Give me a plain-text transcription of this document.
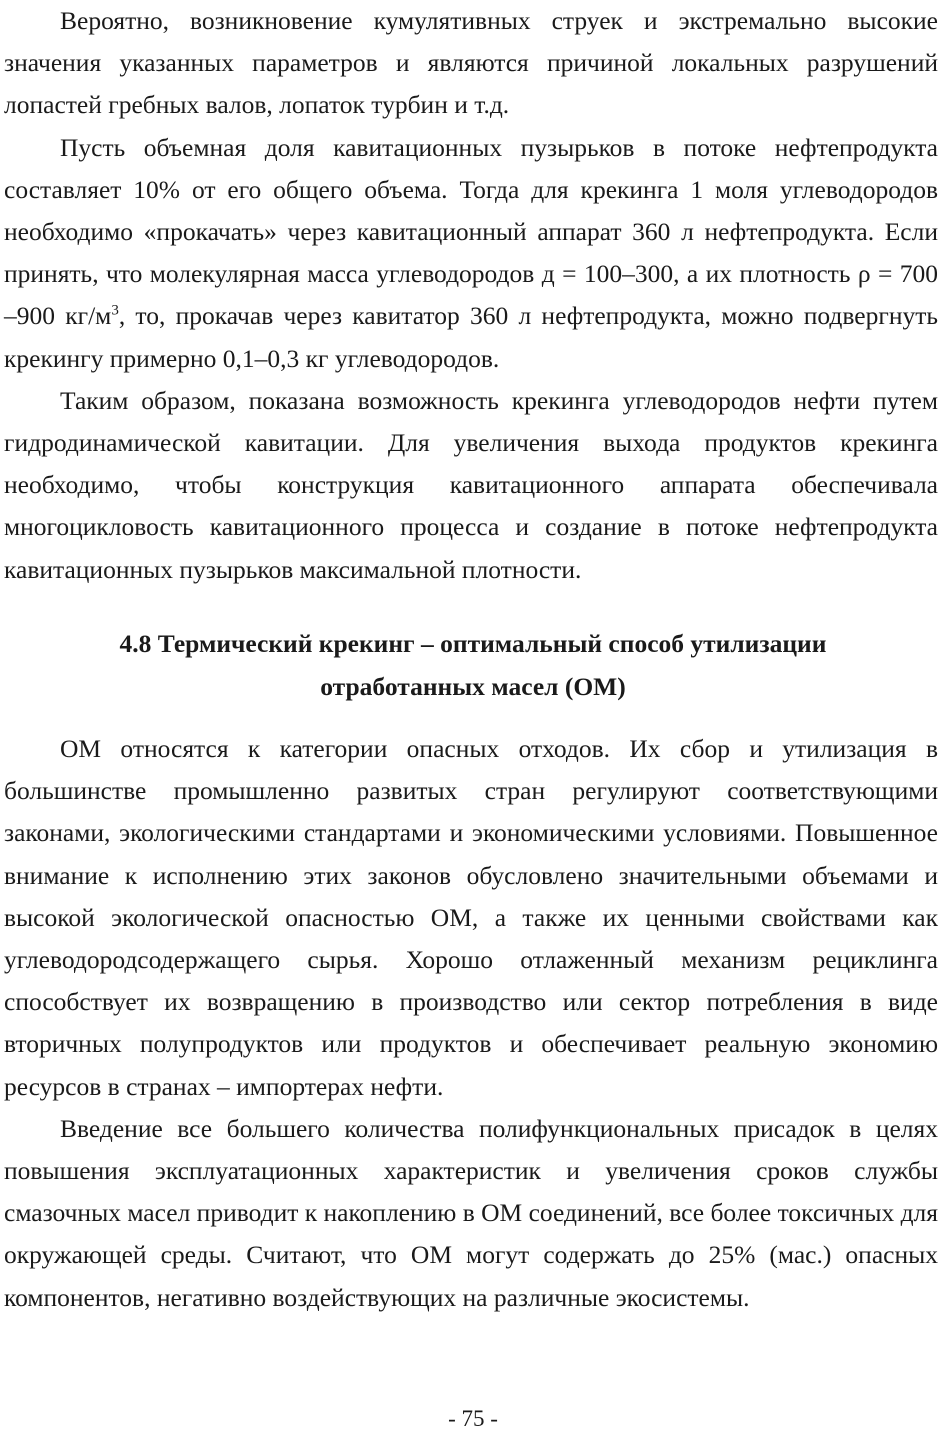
Вероятно, возникновение кумулятивных струек и экстремально высокие значения указанных параметров и являются причиной локальных разрушений лопастей гребных валов, лопаток турбин и т.д.

Пусть объемная доля кавитационных пузырьков в потоке нефтепродукта составляет 10% от его общего объема. Тогда для крекинга 1 моля углеводородов необходимо «прокачать» через кавитационный аппарат 360 л нефтепродукта. Если принять, что молекулярная масса углеводородов д = 100–300, а их плотность ρ = 700 –900 $кг/м^3$, то, прокачав через кавитатор 360 л нефтепродукта, можно подвергнуть крекингу примерно 0,1–0,3 кг углеводородов.

Таким образом, показана возможность крекинга углеводородов нефти путем гидродинамической кавитации. Для увеличения выхода продуктов крекинга необходимо, чтобы конструкция кавитационного аппарата обеспечивала многоцикловость кавитационного процесса и создание в потоке нефтепродукта кавитационных пузырьков максимальной плотности.

4.8 Термический крекинг – оптимальный способ утилизации
отработанных масел (ОМ)

ОМ относятся к категории опасных отходов. Их сбор и утилизация в большинстве промышленно развитых стран регулируют соответствующими законами, экологическими стандартами и экономическими условиями. Повышенное внимание к исполнению этих законов обусловлено значительными объемами и высокой экологической опасностью ОМ, а также их ценными свойствами как углеводородсодержащего сырья. Хорошо отлаженный механизм рециклинга способствует их возвращению в производство или сектор потребления в виде вторичных полупродуктов или продуктов и обеспечивает реальную экономию ресурсов в странах – импортерах нефти.

Введение все большего количества полифункциональных присадок в целях повышения эксплуатационных характеристик и увеличения сроков службы смазочных масел приводит к накоплению в ОМ соединений, все более токсичных для окружающей среды. Считают, что ОМ могут содержать до 25% (мас.) опасных компонентов, негативно воздействующих на различные экосистемы.

- 75 -
